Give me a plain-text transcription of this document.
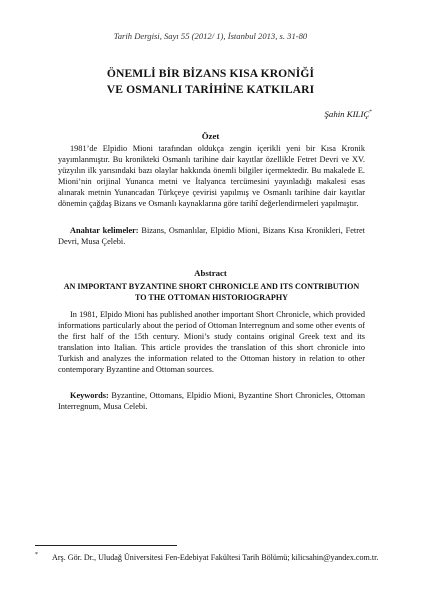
Tarih Dergisi, Sayı 55 (2012/ 1), İstanbul 2013, s. 31-80
ÖNEMLİ BİR BİZANS KISA KRONİĞİ
VE OSMANLI TARİHİNE KATKILARI
Şahin KILIÇ*
Özet

1981’de Elpidio Mioni tarafından oldukça zengin içerikli yeni bir Kısa Kronik yayımlanmıştır. Bu kronikteki Osmanlı tarihine dair kayıtlar özellikle Fetret Devri ve XV. yüzyılın ilk yarısındaki bazı olaylar hakkında önemli bilgiler içermektedir. Bu makalede E. Mioni’nin orijinal Yunanca metni ve İtalyanca tercümesini yayınladığı makalesi esas alınarak metnin Yunancadan Türkçeye çevirisi yapılmış ve Osmanlı tarihine dair kayıtlar dönemin çağdaş Bizans ve Osmanlı kaynaklarına göre tarihî değerlendirmeleri yapılmıştır.

Anahtar kelimeler: Bizans, Osmanlılar, Elpidio Mioni, Bizans Kısa Kronikleri, Fetret Devri, Musa Çelebi.

Abstract
AN IMPORTANT BYZANTINE SHORT CHRONICLE AND ITS CONTRIBUTION TO THE OTTOMAN HISTORIOGRAPHY

In 1981, Elpido Mioni has published another important Short Chronicle, which provided informations particularly about the period of Ottoman Interregnum and some other events of the first half of the 15th century. Mioni’s study contains original Greek text and its translation into Italian. This article provides the translation of this short chronicle into Turkish and analyzes the information related to the Ottoman history in relation to other contemporary Byzantine and Ottoman sources.

Keywords: Byzantine, Ottomans, Elpidio Mioni, Byzantine Short Chronicles, Ottoman Interregnum, Musa Celebi.

*	Arş. Gör. Dr., Uludağ Üniversitesi Fen-Edebiyat Fakültesi Tarih Bölümü; kilicsahin@yandex.com.tr.
